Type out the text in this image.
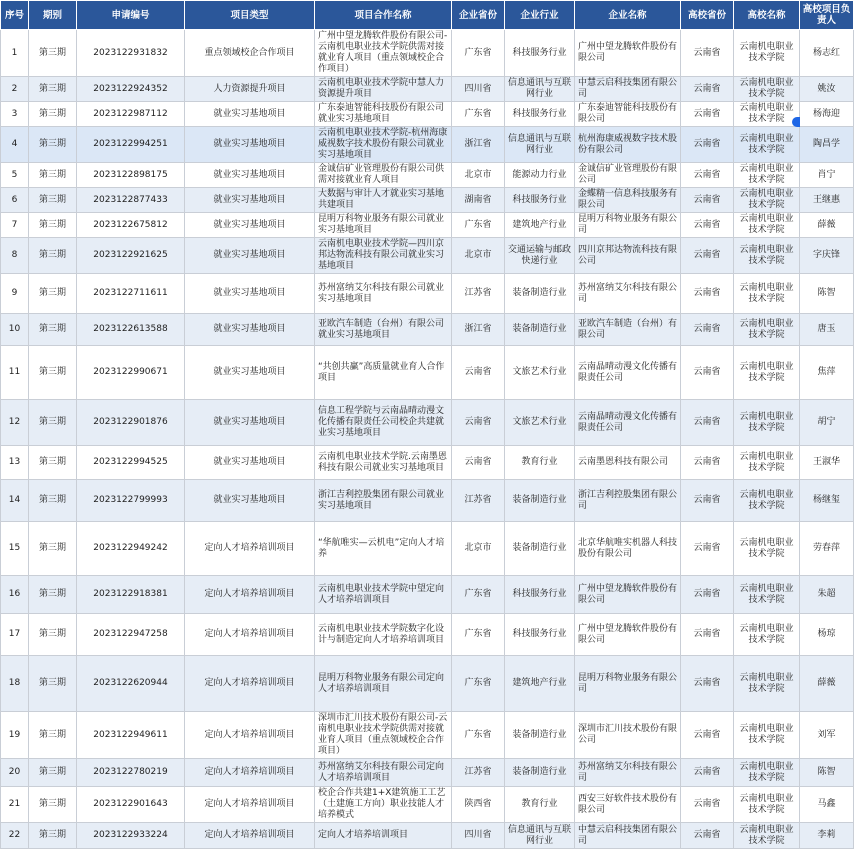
序号	期别	申请编号	项目类型	项目合作名称	企业省份	企业行业	企业名称	高校省份	高校名称	高校项目负责人
1	第三期	2023122931832	重点领域校企合作项目	广州中望龙腾软件股份有限公司-云南机电职业技术学院供需对接就业育人项目（重点领域校企合作项目）	广东省	科技服务行业	广州中望龙腾软件股份有限公司	云南省	云南机电职业技术学院	杨志红
2	第三期	2023122924352	人力资源提升项目	云南机电职业技术学院中慧人力资源提升项目	四川省	信息通讯与互联网行业	中慧云启科技集团有限公司	云南省	云南机电职业技术学院	姚汝
3	第三期	2023122987112	就业实习基地项目	广东泰迪智能科技股份有限公司就业实习基地项目	广东省	科技服务行业	广东泰迪智能科技股份有限公司	云南省	云南机电职业技术学院	杨海迎
4	第三期	2023122994251	就业实习基地项目	云南机电职业技术学院-杭州海康威视数字技术股份有限公司就业实习基地项目	浙江省	信息通讯与互联网行业	杭州海康威视数字技术股份有限公司	云南省	云南机电职业技术学院	陶昌学
5	第三期	2023122898175	就业实习基地项目	金诚信矿业管理股份有限公司供需对接就业育人项目	北京市	能源动力行业	金诚信矿业管理股份有限公司	云南省	云南机电职业技术学院	肖宁
6	第三期	2023122877433	就业实习基地项目	大数据与审计人才就业实习基地共建项目	湖南省	科技服务行业	金蝶精一信息科技服务有限公司	云南省	云南机电职业技术学院	王继惠
7	第三期	2023122675812	就业实习基地项目	昆明万科物业服务有限公司就业实习基地项目	广东省	建筑地产行业	昆明万科物业服务有限公司	云南省	云南机电职业技术学院	薛薇
8	第三期	2023122921625	就业实习基地项目	云南机电职业技术学院—四川京邦达物流科技有限公司就业实习基地项目	北京市	交通运输与邮政快递行业	四川京邦达物流科技有限公司	云南省	云南机电职业技术学院	字庆锋
9	第三期	2023122711611	就业实习基地项目	苏州富纳艾尔科技有限公司就业实习基地项目	江苏省	装备制造行业	苏州富纳艾尔科技有限公司	云南省	云南机电职业技术学院	陈智
10	第三期	2023122613588	就业实习基地项目	亚欧汽车制造（台州）有限公司就业实习基地项目	浙江省	装备制造行业	亚欧汽车制造（台州）有限公司	云南省	云南机电职业技术学院	唐玉
11	第三期	2023122990671	就业实习基地项目	“共创共赢”高质量就业育人合作项目	云南省	文旅艺术行业	云南晶晴动漫文化传播有限责任公司	云南省	云南机电职业技术学院	焦萍
12	第三期	2023122901876	就业实习基地项目	信息工程学院与云南晶晴动漫文化传播有限责任公司校企共建就业实习基地项目	云南省	文旅艺术行业	云南晶晴动漫文化传播有限责任公司	云南省	云南机电职业技术学院	胡宁
13	第三期	2023122994525	就业实习基地项目	云南机电职业技术学院.云南墨恩科技有限公司就业实习基地项目	云南省	教育行业	云南墨恩科技有限公司	云南省	云南机电职业技术学院	王淑华
14	第三期	2023122799993	就业实习基地项目	浙江吉利控股集团有限公司就业实习基地项目	江苏省	装备制造行业	浙江吉利控股集团有限公司	云南省	云南机电职业技术学院	杨继玺
15	第三期	2023122949242	定向人才培养培训项目	“华航唯实—云机电”定向人才培养	北京市	装备制造行业	北京华航唯实机器人科技股份有限公司	云南省	云南机电职业技术学院	劳春萍
16	第三期	2023122918381	定向人才培养培训项目	云南机电职业技术学院中望定向人才培养培训项目	广东省	科技服务行业	广州中望龙腾软件股份有限公司	云南省	云南机电职业技术学院	朱超
17	第三期	2023122947258	定向人才培养培训项目	云南机电职业技术学院数字化设计与制造定向人才培养培训项目	广东省	科技服务行业	广州中望龙腾软件股份有限公司	云南省	云南机电职业技术学院	杨琼
18	第三期	2023122620944	定向人才培养培训项目	昆明万科物业服务有限公司定向人才培养培训项目	广东省	建筑地产行业	昆明万科物业服务有限公司	云南省	云南机电职业技术学院	薛薇
19	第三期	2023122949611	定向人才培养培训项目	深圳市汇川技术股份有限公司-云南机电职业技术学院供需对接就业育人项目（重点领域校企合作项目）	广东省	装备制造行业	深圳市汇川技术股份有限公司	云南省	云南机电职业技术学院	刘军
20	第三期	2023122780219	定向人才培养培训项目	苏州富纳艾尔科技有限公司定向人才培养培训项目	江苏省	装备制造行业	苏州富纳艾尔科技有限公司	云南省	云南机电职业技术学院	陈智
21	第三期	2023122901643	定向人才培养培训项目	校企合作共建1+X建筑施工工艺（土建施工方向）职业技能人才培养模式	陕西省	教育行业	西安三好软件技术股份有限公司	云南省	云南机电职业技术学院	马鑫
22	第三期	2023122933224	定向人才培养培训项目	定向人才培养培训项目	四川省	信息通讯与互联网行业	中慧云启科技集团有限公司	云南省	云南机电职业技术学院	李莉
